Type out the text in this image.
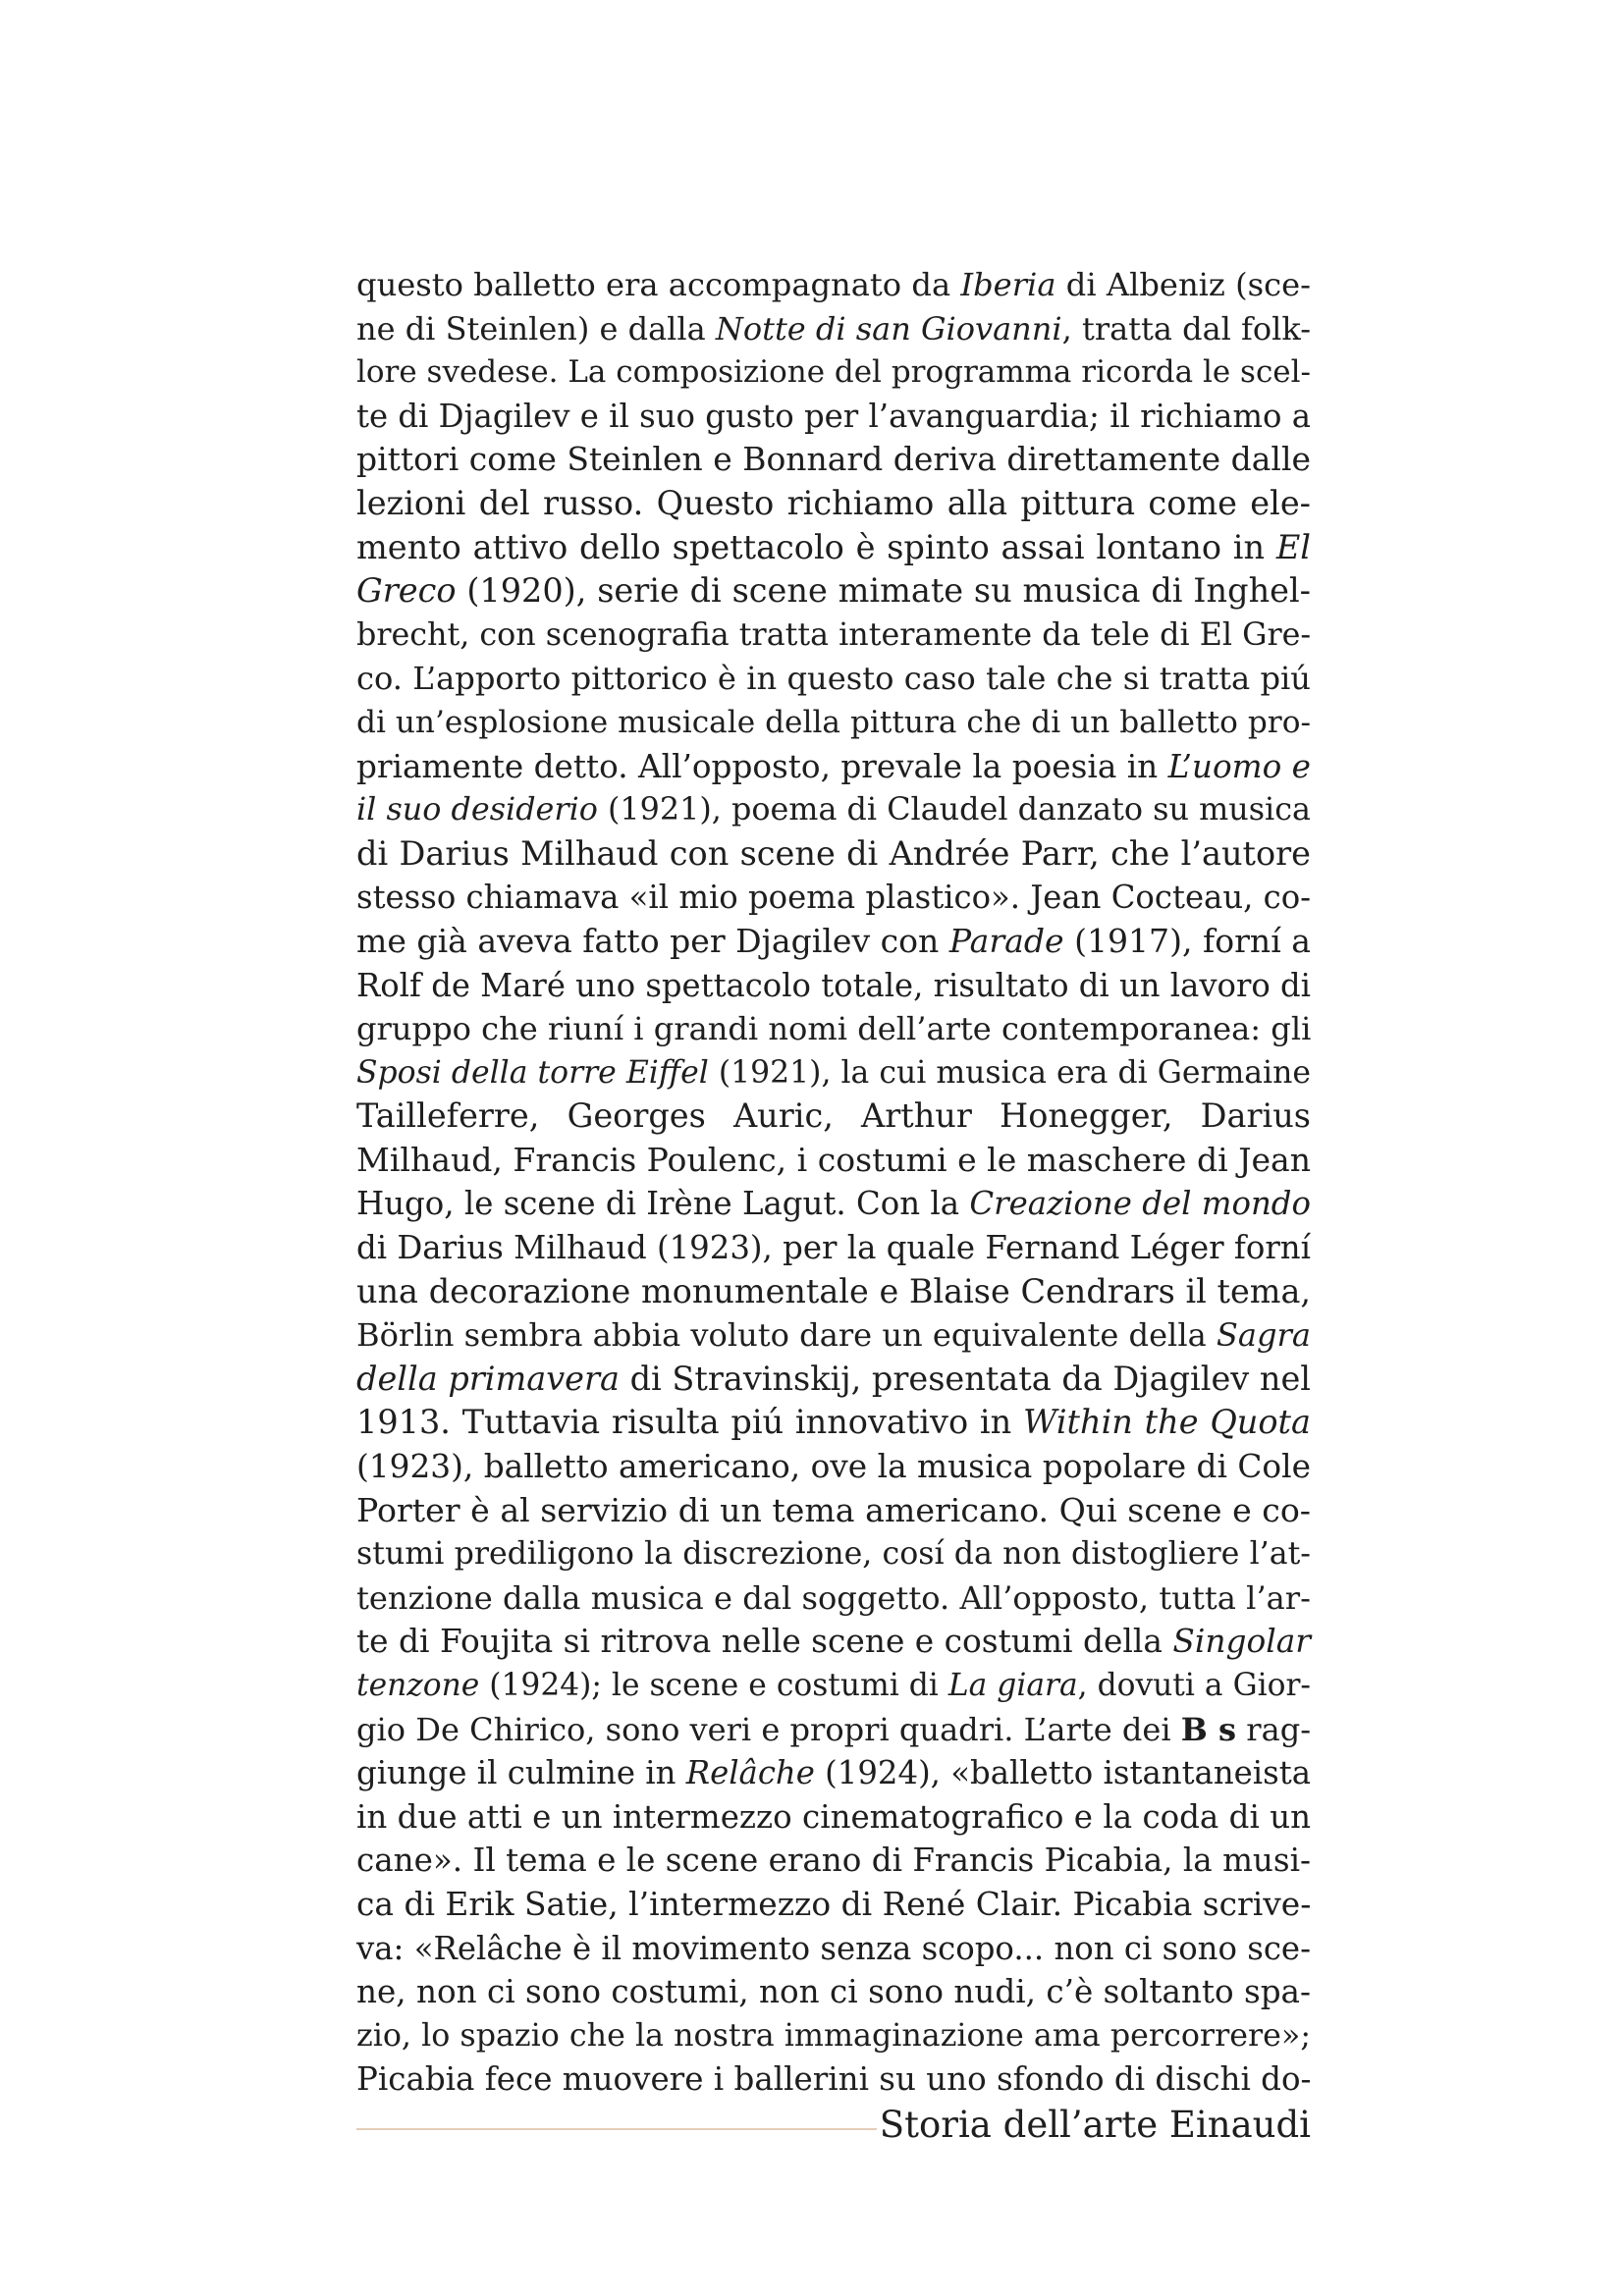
questo balletto era accompagnato da Iberia di Albeniz (sce-
ne di Steinlen) e dalla Notte di san Giovanni, tratta dal folk-
lore svedese. La composizione del programma ricorda le scel-
te di Djagilev e il suo gusto per l’avanguardia; il richiamo a
pittori come Steinlen e Bonnard deriva direttamente dalle
lezioni del russo. Questo richiamo alla pittura come ele-
mento attivo dello spettacolo è spinto assai lontano in El
Greco (1920), serie di scene mimate su musica di Inghel-
brecht, con scenografia tratta interamente da tele di El Gre-
co. L’apporto pittorico è in questo caso tale che si tratta piú
di un’esplosione musicale della pittura che di un balletto pro-
priamente detto. All’opposto, prevale la poesia in L’uomo e
il suo desiderio (1921), poema di Claudel danzato su musica
di Darius Milhaud con scene di Andrée Parr, che l’autore
stesso chiamava «il mio poema plastico». Jean Cocteau, co-
me già aveva fatto per Djagilev con Parade (1917), forní a
Rolf de Maré uno spettacolo totale, risultato di un lavoro di
gruppo che riuní i grandi nomi dell’arte contemporanea: gli
Sposi della torre Eiffel (1921), la cui musica era di Germaine
Tailleferre, Georges Auric, Arthur Honegger, Darius
Milhaud, Francis Poulenc, i costumi e le maschere di Jean
Hugo, le scene di Irène Lagut. Con la Creazione del mondo
di Darius Milhaud (1923), per la quale Fernand Léger forní
una decorazione monumentale e Blaise Cendrars il tema,
Börlin sembra abbia voluto dare un equivalente della Sagra
della primavera di Stravinskij, presentata da Djagilev nel
1913. Tuttavia risulta piú innovativo in Within the Quota
(1923), balletto americano, ove la musica popolare di Cole
Porter è al servizio di un tema americano. Qui scene e co-
stumi prediligono la discrezione, cosí da non distogliere l’at-
tenzione dalla musica e dal soggetto. All’opposto, tutta l’ar-
te di Foujita si ritrova nelle scene e costumi della Singolar
tenzone (1924); le scene e costumi di La giara, dovuti a Gior-
gio De Chirico, sono veri e propri quadri. L’arte dei B s rag-
giunge il culmine in Relâche (1924), «balletto istantaneista
in due atti e un intermezzo cinematografico e la coda di un
cane». Il tema e le scene erano di Francis Picabia, la musi-
ca di Erik Satie, l’intermezzo di René Clair. Picabia scrive-
va: «Relâche è il movimento senza scopo... non ci sono sce-
ne, non ci sono costumi, non ci sono nudi, c’è soltanto spa-
zio, lo spazio che la nostra immaginazione ama percorrere»;
Picabia fece muovere i ballerini su uno sfondo di dischi do-
Storia dell’arte Einaudi
